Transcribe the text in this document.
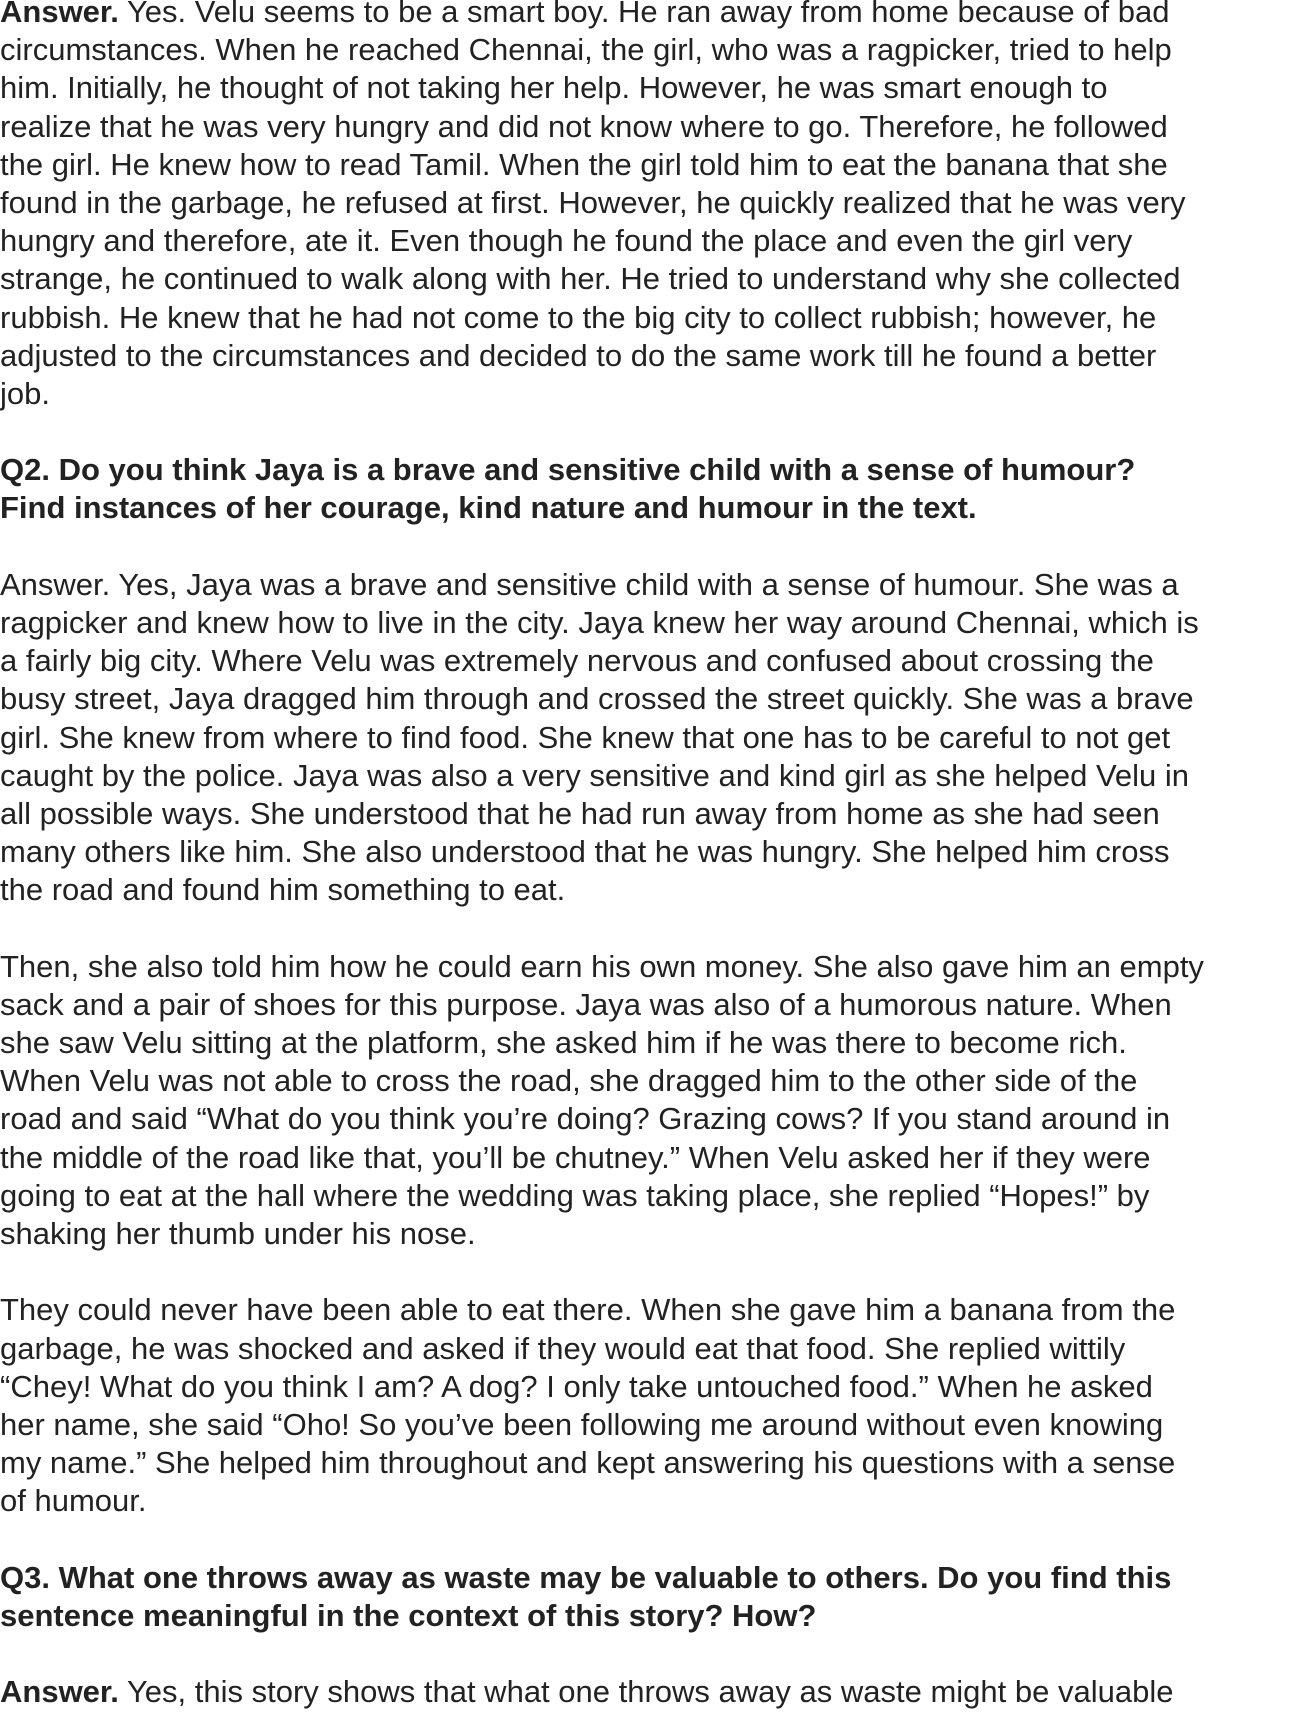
Answer. Yes. Velu seems to be a smart boy. He ran away from home because of bad
circumstances. When he reached Chennai, the girl, who was a ragpicker, tried to help
him. Initially, he thought of not taking her help. However, he was smart enough to
realize that he was very hungry and did not know where to go. Therefore, he followed
the girl. He knew how to read Tamil. When the girl told him to eat the banana that she
found in the garbage, he refused at first. However, he quickly realized that he was very
hungry and therefore, ate it. Even though he found the place and even the girl very
strange, he continued to walk along with her. He tried to understand why she collected
rubbish. He knew that he had not come to the big city to collect rubbish; however, he
adjusted to the circumstances and decided to do the same work till he found a better
job.

Q2. Do you think Jaya is a brave and sensitive child with a sense of humour?
Find instances of her courage, kind nature and humour in the text.

Answer. Yes, Jaya was a brave and sensitive child with a sense of humour. She was a
ragpicker and knew how to live in the city. Jaya knew her way around Chennai, which is
a fairly big city. Where Velu was extremely nervous and confused about crossing the
busy street, Jaya dragged him through and crossed the street quickly. She was a brave
girl. She knew from where to find food. She knew that one has to be careful to not get
caught by the police. Jaya was also a very sensitive and kind girl as she helped Velu in
all possible ways. She understood that he had run away from home as she had seen
many others like him. She also understood that he was hungry. She helped him cross
the road and found him something to eat.

Then, she also told him how he could earn his own money. She also gave him an empty
sack and a pair of shoes for this purpose. Jaya was also of a humorous nature. When
she saw Velu sitting at the platform, she asked him if he was there to become rich.
When Velu was not able to cross the road, she dragged him to the other side of the
road and said “What do you think you’re doing? Grazing cows? If you stand around in
the middle of the road like that, you’ll be chutney.” When Velu asked her if they were
going to eat at the hall where the wedding was taking place, she replied “Hopes!” by
shaking her thumb under his nose.

They could never have been able to eat there. When she gave him a banana from the
garbage, he was shocked and asked if they would eat that food. She replied wittily
“Chey! What do you think I am? A dog? I only take untouched food.” When he asked
her name, she said “Oho! So you’ve been following me around without even knowing
my name.” She helped him throughout and kept answering his questions with a sense
of humour.

Q3. What one throws away as waste may be valuable to others. Do you find this
sentence meaningful in the context of this story? How?

Answer. Yes, this story shows that what one throws away as waste might be valuable
